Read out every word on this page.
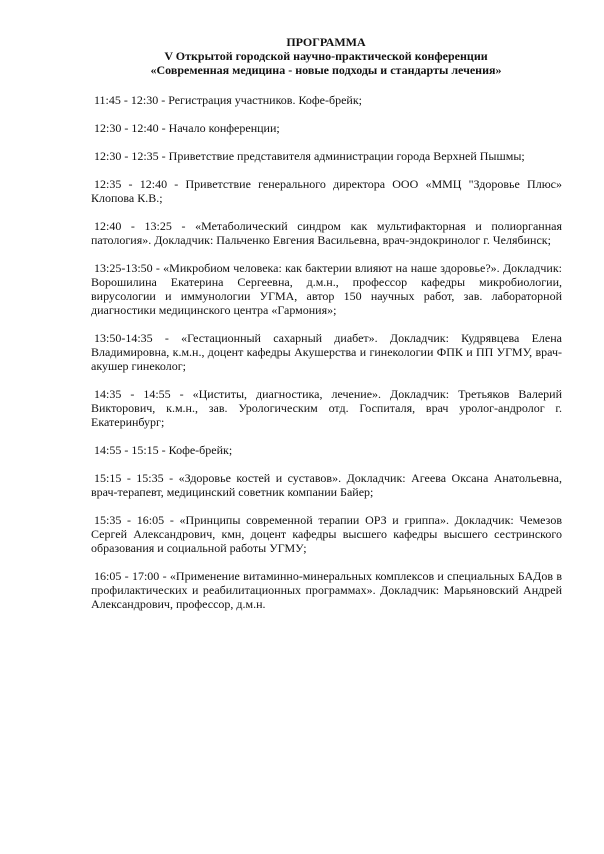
ПРОГРАММА
V Открытой городской научно-практической конференции
«Современная медицина - новые подходы и стандарты лечения»

11:45 - 12:30 - Регистрация участников. Кофе-брейк;

12:30 - 12:40 - Начало конференции;

12:30 - 12:35 - Приветствие представителя администрации города Верхней Пышмы;

12:35 - 12:40 - Приветствие генерального директора ООО «ММЦ "Здоровье Плюс» Клопова К.В.;

12:40 - 13:25 - «Метаболический синдром как мультифакторная и полиорганная патология». Докладчик: Пальченко Евгения Васильевна, врач-эндокринолог г. Челябинск;

13:25-13:50 - «Микробиом человека: как бактерии влияют на наше здоровье?». Докладчик: Ворошилина Екатерина Сергеевна, д.м.н., профессор кафедры микробиологии, вирусологии и иммунологии УГМА, автор 150 научных работ, зав. лабораторной диагностики медицинского центра «Гармония»;

13:50-14:35 - «Гестационный сахарный диабет». Докладчик: Кудрявцева Елена Владимировна, к.м.н., доцент кафедры Акушерства и гинекологии ФПК и ПП УГМУ, врач-акушер гинеколог;

14:35 - 14:55 - «Циститы, диагностика, лечение». Докладчик: Третьяков Валерий Викторович, к.м.н., зав. Урологическим отд. Госпиталя, врач уролог-андролог г. Екатеринбург;

14:55 - 15:15 - Кофе-брейк;

15:15 - 15:35 - «Здоровье костей и суставов». Докладчик: Агеева Оксана Анатольевна, врач-терапевт, медицинский советник компании Байер;

15:35 - 16:05 - «Принципы современной терапии ОРЗ и гриппа». Докладчик: Чемезов Сергей Александрович, кмн, доцент кафедры высшего кафедры высшего сестринского образования и социальной работы УГМУ;

16:05 - 17:00 - «Применение витаминно-минеральных комплексов и специальных БАДов в профилактических и реабилитационных программах». Докладчик: Марьяновский Андрей Александрович, профессор, д.м.н.
